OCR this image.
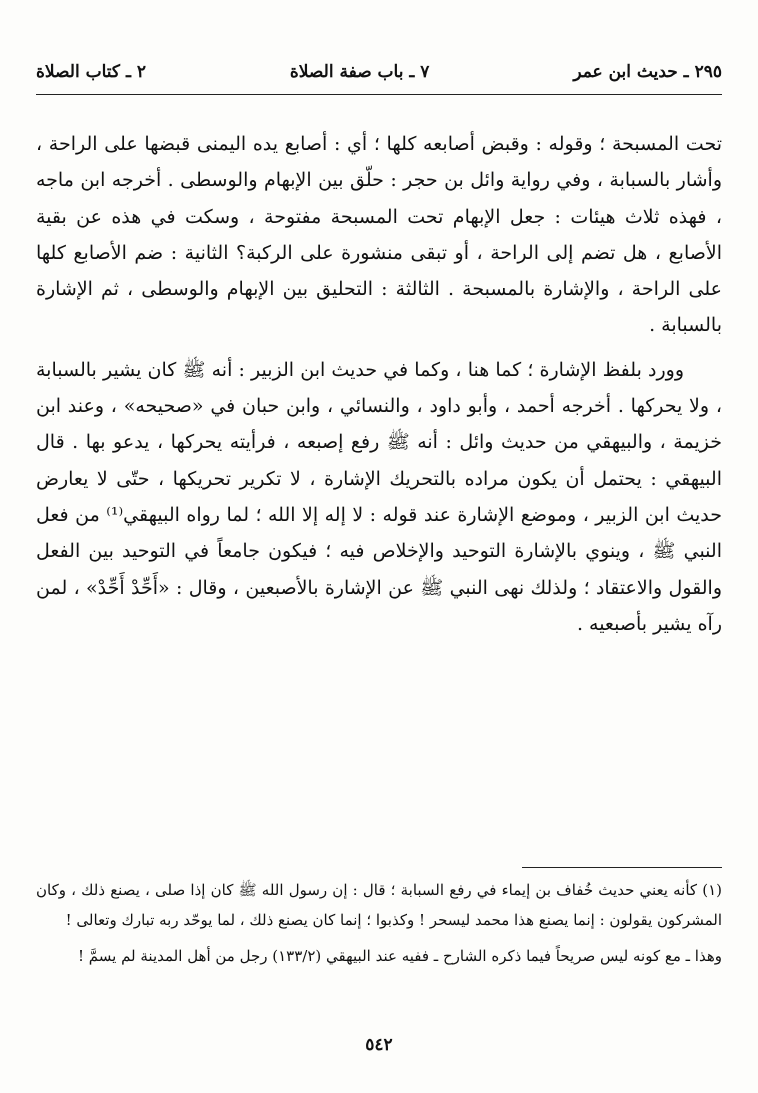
٢ ـ كتاب الصلاة	٧ ـ باب صفة الصلاة	٢٩٥ ـ حديث ابن عمر

تحت المسبحة ؛ وقوله : وقبض أصابعه كلها ؛ أي : أصابع يده اليمنى قبضها على الراحة ، وأشار بالسبابة ، وفي رواية وائل بن حجر : حلّق بين الإبهام والوسطى . أخرجه ابن ماجه ، فهذه ثلاث هيئات : جعل الإبهام تحت المسبحة مفتوحة ، وسكت في هذه عن بقية الأصابع ، هل تضم إلى الراحة ، أو تبقى منشورة على الركبة؟ الثانية : ضم الأصابع كلها على الراحة ، والإشارة بالمسبحة . الثالثة : التحليق بين الإبهام والوسطى ، ثم الإشارة بالسبابة .

وورد بلفظ الإشارة ؛ كما هنا ، وكما في حديث ابن الزبير : أنه ﷺ كان يشير بالسبابة ، ولا يحركها . أخرجه أحمد ، وأبو داود ، والنسائي ، وابن حبان في «صحيحه» ، وعند ابن خزيمة ، والبيهقي من حديث وائل : أنه ﷺ رفع إصبعه ، فرأيته يحركها ، يدعو بها . قال البيهقي : يحتمل أن يكون مراده بالتحريك الإشارة ، لا تكرير تحريكها ، حتّى لا يعارض حديث ابن الزبير ، وموضع الإشارة عند قوله : لا إله إلا الله ؛ لما رواه البيهقي⁽¹⁾ من فعل النبي ﷺ ، وينوي بالإشارة التوحيد والإخلاص فيه ؛ فيكون جامعاً في التوحيد بين الفعل والقول والاعتقاد ؛ ولذلك نهى النبي ﷺ عن الإشارة بالأصبعين ، وقال : «أَحِّدْ أَحِّدْ» ، لمن رآه يشير بأصبعيه .

(١) كأنه يعني حديث خُفاف بن إيماء في رفع السبابة ؛ قال : إن رسول الله ﷺ كان إذا صلى ، يصنع ذلك ، وكان المشركون يقولون : إنما يصنع هذا محمد ليسحر ! وكذبوا ؛ إنما كان يصنع ذلك ، لما يوحّد ربه تبارك وتعالى !

وهذا ـ مع كونه ليس صريحاً فيما ذكره الشارح ـ ففيه عند البيهقي (١٣٣/٢) رجل من أهل المدينة لم يسمَّ !

٥٤٢
